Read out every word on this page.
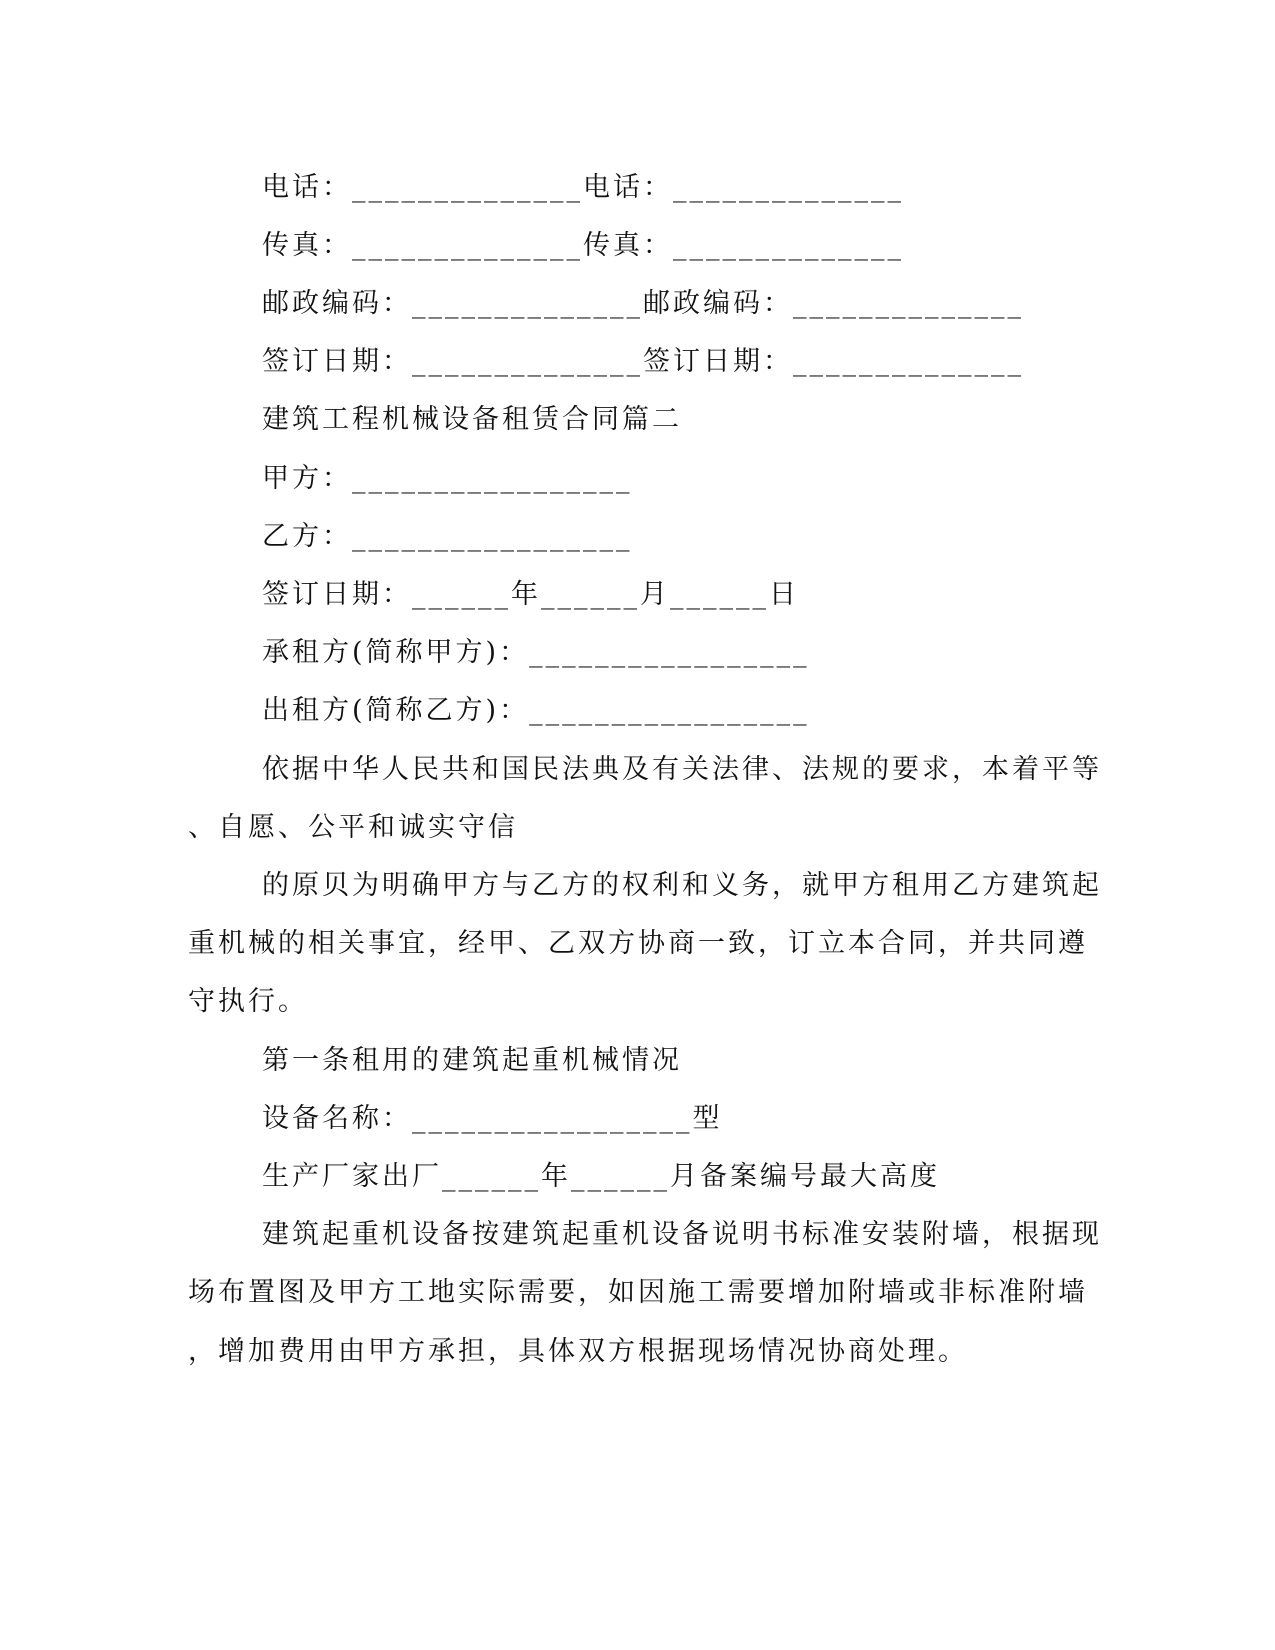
电话：______________电话：______________
传真：______________传真：______________
邮政编码：______________邮政编码：______________
签订日期：______________签订日期：______________
建筑工程机械设备租赁合同篇二
甲方：_________________
乙方：_________________
签订日期：______年______月______日
承租方(简称甲方)：_________________
出租方(简称乙方)：_________________
依据中华人民共和国民法典及有关法律、法规的要求，本着平等
、自愿、公平和诚实守信
的原贝为明确甲方与乙方的权利和义务，就甲方租用乙方建筑起
重机械的相关事宜，经甲、乙双方协商一致，订立本合同，并共同遵
守执行。
第一条租用的建筑起重机械情况
设备名称：_________________型
生产厂家出厂______年______月备案编号最大高度
建筑起重机设备按建筑起重机设备说明书标准安装附墙，根据现
场布置图及甲方工地实际需要，如因施工需要增加附墙或非标准附墙
，增加费用由甲方承担，具体双方根据现场情况协商处理。
